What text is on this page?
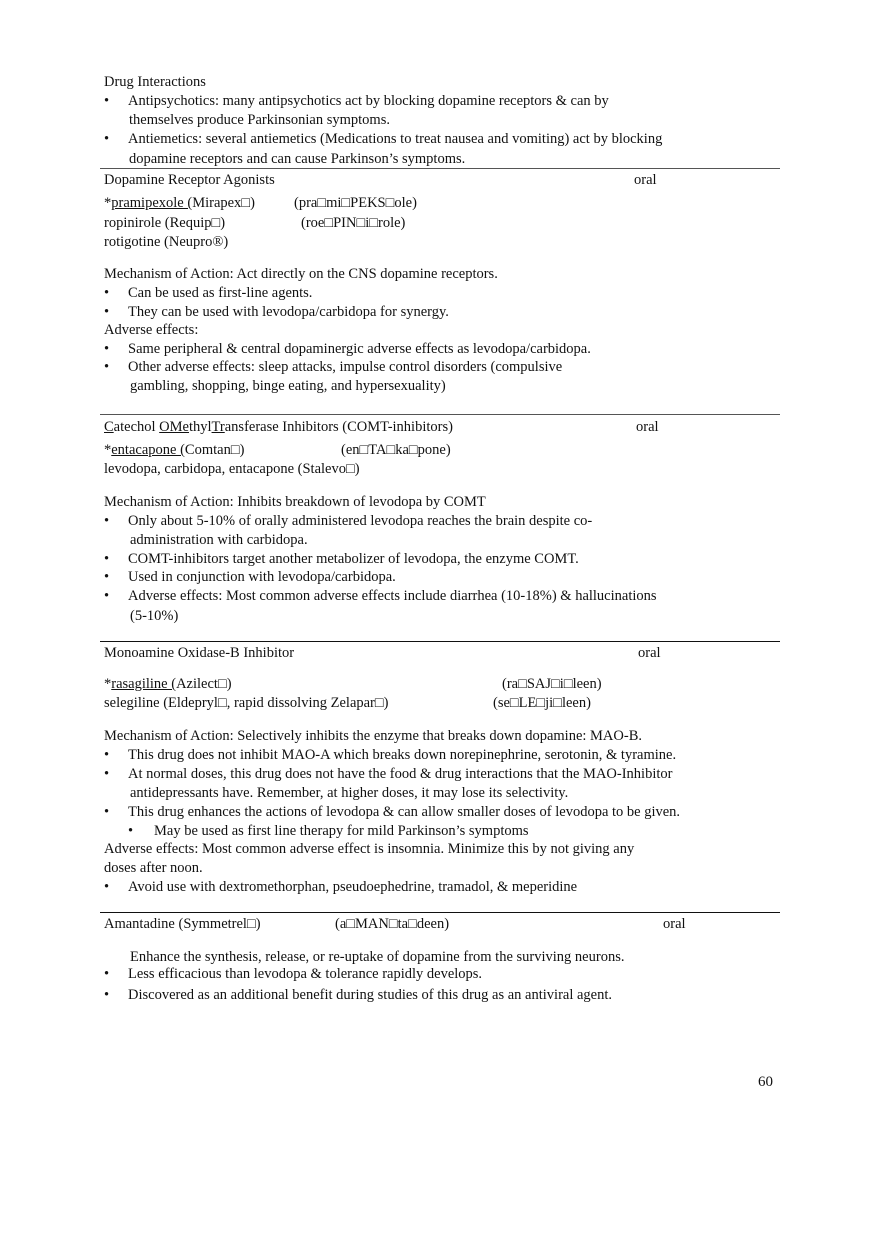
Drug Interactions
• Antipsychotics: many antipsychotics act by blocking dopamine receptors & can by
themselves produce Parkinsonian symptoms.
• Antiemetics: several antiemetics (Medications to treat nausea and vomiting) act by blocking
dopamine receptors and can cause Parkinson’s symptoms.
Dopamine Receptor Agonists	oral
*pramipexole (Mirapex□)	(pra□mi□PEKS□ole)
ropinirole (Requip□)	(roe□PIN□i□role)
rotigotine (Neupro®)
Mechanism of Action: Act directly on the CNS dopamine receptors.
• Can be used as first-line agents.
• They can be used with levodopa/carbidopa for synergy.
Adverse effects:
• Same peripheral & central dopaminergic adverse effects as levodopa/carbidopa.
• Other adverse effects: sleep attacks, impulse control disorders (compulsive
gambling, shopping, binge eating, and hypersexuality)
Catechol OMethylTransferase Inhibitors (COMT-inhibitors)	oral
*entacapone (Comtan□)	(en□TA□ka□pone)
levodopa, carbidopa, entacapone (Stalevo□)
Mechanism of Action: Inhibits breakdown of levodopa by COMT
• Only about 5-10% of orally administered levodopa reaches the brain despite co-
administration with carbidopa.
• COMT-inhibitors target another metabolizer of levodopa, the enzyme COMT.
• Used in conjunction with levodopa/carbidopa.
• Adverse effects: Most common adverse effects include diarrhea (10-18%) & hallucinations
(5-10%)
Monoamine Oxidase-B Inhibitor	oral
*rasagiline (Azilect□)	(ra□SAJ□i□leen)
selegiline (Eldepryl□, rapid dissolving Zelapar□)	(se□LE□ji□leen)
Mechanism of Action: Selectively inhibits the enzyme that breaks down dopamine: MAO-B.
• This drug does not inhibit MAO-A which breaks down norepinephrine, serotonin, & tyramine.
• At normal doses, this drug does not have the food & drug interactions that the MAO-Inhibitor
antidepressants have. Remember, at higher doses, it may lose its selectivity.
• This drug enhances the actions of levodopa & can allow smaller doses of levodopa to be given.
• May be used as first line therapy for mild Parkinson’s symptoms
Adverse effects: Most common adverse effect is insomnia. Minimize this by not giving any
doses after noon.
• Avoid use with dextromethorphan, pseudoephedrine, tramadol, & meperidine
Amantadine (Symmetrel□)	(a□MAN□ta□deen)	oral
Enhance the synthesis, release, or re-uptake of dopamine from the surviving neurons.
• Less efficacious than levodopa & tolerance rapidly develops.
• Discovered as an additional benefit during studies of this drug as an antiviral agent.
60
